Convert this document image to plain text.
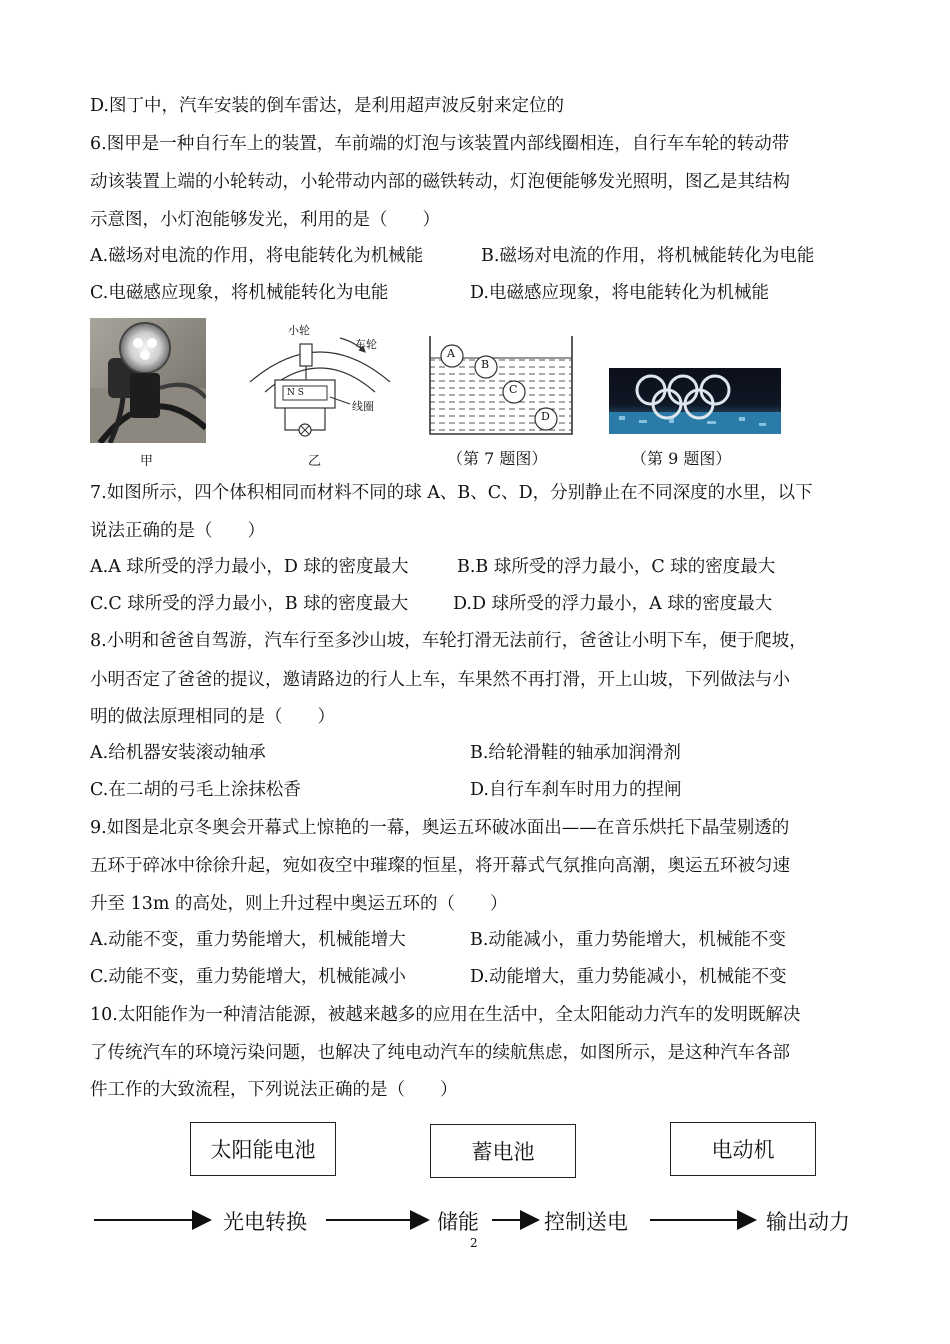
D.图丁中，汽车安装的倒车雷达，是利用超声波反射来定位的
6.图甲是一种自行车上的装置，车前端的灯泡与该装置内部线圈相连，自行车车轮的转动带
动该装置上端的小轮转动，小轮带动内部的磁铁转动，灯泡便能够发光照明，图乙是其结构
示意图，小灯泡能够发光，利用的是（　　）
A.磁场对电流的作用，将电能转化为机械能	B.磁场对电流的作用，将机械能转化为电能
C.电磁感应现象，将机械能转化为电能	D.电磁感应现象，将电能转化为机械能
甲
小轮
车轮
N S
线圈
乙
A
B
C
D
（第 7 题图）	（第 9 题图）
7.如图所示，四个体积相同而材料不同的球 A、B、C、D，分别静止在不同深度的水里，以下
说法正确的是（　　）
A.A 球所受的浮力最小，D 球的密度最大	B.B 球所受的浮力最小，C 球的密度最大
C.C 球所受的浮力最小，B 球的密度最大	D.D 球所受的浮力最小，A 球的密度最大
8.小明和爸爸自驾游，汽车行至多沙山坡，车轮打滑无法前行，爸爸让小明下车，便于爬坡，
小明否定了爸爸的提议，邀请路边的行人上车，车果然不再打滑，开上山坡，下列做法与小
明的做法原理相同的是（　　）
A.给机器安装滚动轴承	B.给轮滑鞋的轴承加润滑剂
C.在二胡的弓毛上涂抹松香	D.自行车刹车时用力的捏闸
9.如图是北京冬奥会开幕式上惊艳的一幕，奥运五环破冰面出——在音乐烘托下晶莹剔透的
五环于碎冰中徐徐升起，宛如夜空中璀璨的恒星，将开幕式气氛推向高潮，奥运五环被匀速
升至 13m 的高处，则上升过程中奥运五环的（　　）
A.动能不变，重力势能增大，机械能增大	B.动能减小，重力势能增大，机械能不变
C.动能不变，重力势能增大，机械能减小	D.动能增大，重力势能减小，机械能不变
10.太阳能作为一种清洁能源，被越来越多的应用在生活中，全太阳能动力汽车的发明既解决
了传统汽车的环境污染问题，也解决了纯电动汽车的续航焦虑，如图所示，是这种汽车各部
件工作的大致流程，下列说法正确的是（　　）
太阳能电池	蓄电池	电动机
光电转换	储能	控制送电	输出动力
2
